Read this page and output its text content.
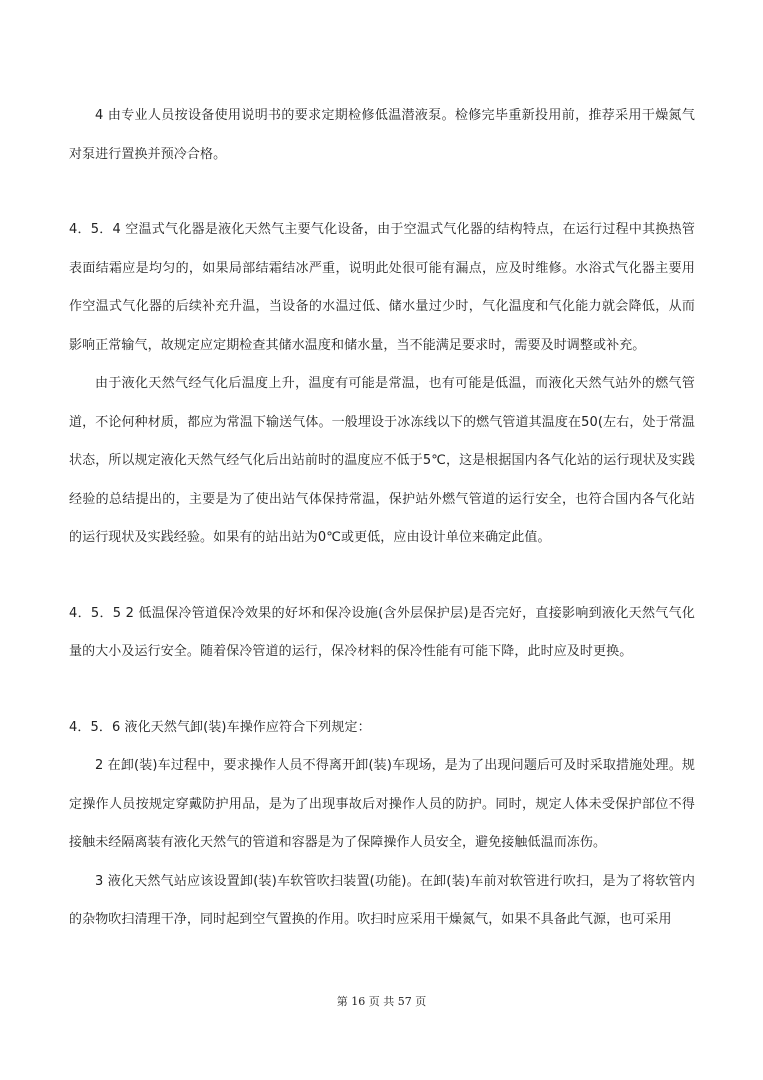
4 由专业人员按设备使用说明书的要求定期检修低温潜液泵。检修完毕重新投用前，推荐采用干燥氮气对泵进行置换并预冷合格。

4．5．4 空温式气化器是液化天然气主要气化设备，由于空温式气化器的结构特点，在运行过程中其换热管表面结霜应是均匀的，如果局部结霜结冰严重，说明此处很可能有漏点，应及时维修。水浴式气化器主要用作空温式气化器的后续补充升温，当设备的水温过低、储水量过少时，气化温度和气化能力就会降低，从而影响正常输气，故规定应定期检查其储水温度和储水量，当不能满足要求时，需要及时调整或补充。

由于液化天然气经气化后温度上升，温度有可能是常温，也有可能是低温，而液化天然气站外的燃气管道，不论何种材质，都应为常温下输送气体。一般埋设于冰冻线以下的燃气管道其温度在50(左右，处于常温状态，所以规定液化天然气经气化后出站前时的温度应不低于5℃，这是根据国内各气化站的运行现状及实践经验的总结提出的，主要是为了使出站气体保持常温，保护站外燃气管道的运行安全，也符合国内各气化站的运行现状及实践经验。如果有的站出站为0℃或更低，应由设计单位来确定此值。

4．5．5 2 低温保冷管道保冷效果的好坏和保冷设施(含外层保护层)是否完好，直接影响到液化天然气气化量的大小及运行安全。随着保冷管道的运行，保冷材料的保冷性能有可能下降，此时应及时更换。

4．5．6 液化天然气卸(装)车操作应符合下列规定：

2 在卸(装)车过程中，要求操作人员不得离开卸(装)车现场，是为了出现问题后可及时采取措施处理。规定操作人员按规定穿戴防护用品，是为了出现事故后对操作人员的防护。同时，规定人体未受保护部位不得接触未经隔离装有液化天然气的管道和容器是为了保障操作人员安全，避免接触低温而冻伤。

3 液化天然气站应该设置卸(装)车软管吹扫装置(功能)。在卸(装)车前对软管进行吹扫，是为了将软管内的杂物吹扫清理干净，同时起到空气置换的作用。吹扫时应采用干燥氮气，如果不具备此气源，也可采用

第 16 页 共 57 页
